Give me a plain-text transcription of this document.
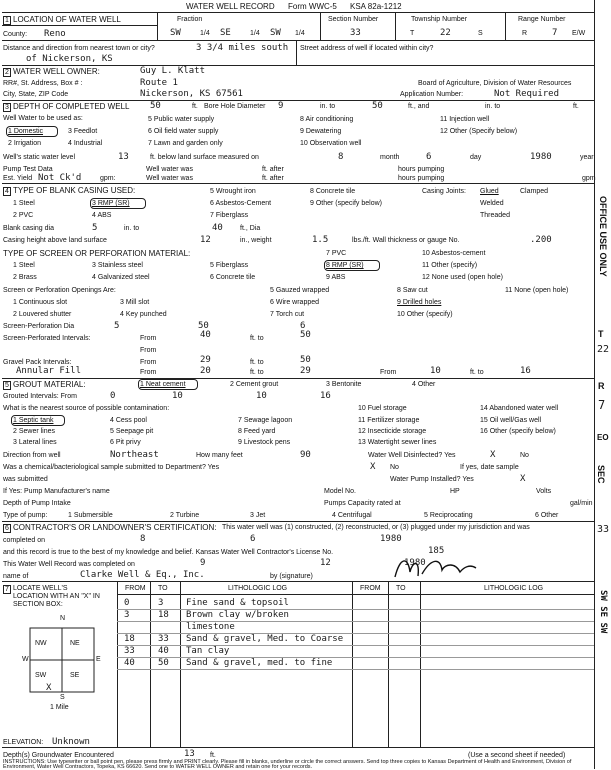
WATER WELL RECORD Form WWC-5 KSA 82a-1212
1 LOCATION OF WATER WELL
County: Reno
Fraction
SW	1/4 SE	1/4 SW 1/4
Section Number
33
Township Number
T	22	S
Range Number
R	7 E/W
Distance and direction from nearest town or city?	3 3/4 miles south
of Nickerson, KS
Street address of well if located within city?
2 WATER WELL OWNER:	Guy L. Klatt
RR#, St. Address, Box # :	Route 1
City, State, ZIP Code	Nickerson, KS 67561
Board of Agriculture, Division of Water Resources
Application Number:	Not Required
3 DEPTH OF COMPLETED WELL 50	ft. Bore Hole Diameter 9	in. to	50	ft., and	in. to	ft.
Well Water to be used as:
1 Domestic
2 Irrigation
3 Feedlot
4 Industrial
5 Public water supply
6 Oil field water supply
7 Lawn and garden only
8 Air conditioning
9 Dewatering
10 Observation well
11 Injection well
12 Other (Specify below)
Well's static water level	13	ft. below land surface measured on	8	month	6	day	1980	year
Pump Test Data
Est. Yield Not Ck'd	gpm:
Well water was
Well water was
ft. after
ft. after
hours pumping
hours pumping	gpm
4 TYPE OF BLANK CASING USED:
1 Steel
2 PVC
3 RMP (SR)
4 ABS
5 Wrought iron
6 Asbestos-Cement
7 Fiberglass
8 Concrete tile
9 Other (specify below)
Casing Joints: Glued	Clamped
Welded
Threaded
Blank casing dia	5	in. to	40 ft., Dia
Casing height above land surface	12	in., weight	1.5	lbs./ft. Wall thickness or gauge No.	.200
TYPE OF SCREEN OR PERFORATION MATERIAL:
1 Steel
2 Brass
3 Stainless steel
4 Galvanized steel
5 Fiberglass
6 Concrete tile
7 PVC
8 RMP (SR)
9 ABS
10 Asbestos-cement
11 Other (specify)
12 None used (open hole)
Screen or Perforation Openings Are:
1 Continuous slot
2 Louvered shutter
3 Mill slot
4 Key punched
5 Gauzed wrapped
6 Wire wrapped
7 Torch cut
8 Saw cut
9 Drilled holes
10 Other (specify)
11 None (open hole)
Screen-Perforation Dia	5	50	6
Screen-Perforated Intervals:	From	40	ft. to	50
From
Gravel Pack Intervals:	From	29	ft. to	50
Annular Fill	From	20	ft. to	29	From	10	ft. to	16
5 GROUT MATERIAL:	1 Neat cement	2 Cement grout	3 Bentonite	4 Other
Grouted Intervals: From	0	10	10	16
What is the nearest source of possible contamination:
1 Septic tank
2 Sewer lines
3 Lateral lines
4 Cess pool
5 Seepage pit
6 Pit privy
7 Sewage lagoon
8 Feed yard
9 Livestock pens
10 Fuel storage
11 Fertilizer storage
12 Insecticide storage
13 Watertight sewer lines
14 Abandoned water well
15 Oil well/Gas well
16 Other (specify below)
Direction from well	Northeast	How many feet	90	Water Well Disinfected? Yes	X	No
Was a chemical/bacteriological sample submitted to Department? Yes	No
X	If yes, date sample
was submitted	Water Pump Installed? Yes	X
If Yes: Pump Manufacturer's name	Model No.	HP	Volts
Depth of Pump Intake	Pumps Capacity rated at	gal/min
Type of pump:	1 Submersible	2 Turbine	3 Jet	4 Centrifugal	5 Reciprocating	6 Other
6 CONTRACTOR'S OR LANDOWNER'S CERTIFICATION: This water well was (1) constructed, (2) reconstructed, or (3) plugged under my jurisdiction and was
completed on	8	6	1980
and this record is true to the best of my knowledge and belief. Kansas Water Well Contractor's License No.	185
This Water Well Record was completed on	9	12	1980
name of	Clarke Well & Eq., Inc.	by (signature)
7 LOCATE WELL'S LOCATION WITH AN "X" IN SECTION BOX:
FROM TO	LITHOLOGIC LOG	FROM TO	LITHOLOGIC LOG
0	3	Fine sand & topsoil
3	18 Brown clay w/broken
limestone
18	33 Sand & gravel, Med. to Coarse
33	40 Tan clay
40	50 Sand & gravel, med. to fine
N
S
W	E
NW	NE
SW	SE
X
1 Mile
ELEVATION: Unknown
Depth(s) Groundwater Encountered	13 ft.	(Use a second sheet if needed)
INSTRUCTIONS: Use typewriter or ball point pen, please press firmly and PRINT clearly. Please fill in blanks, underline or circle the correct answers. Send top three copies to Kansas Department of Health and Environment, Division of Environment, Water Well Contractors, Topeka, KS 66620. Send one to WATER WELL OWNER and retain one for your records.
OFFICE USE ONLY
T
22
R
7
EO
SEC
33
SW SE SW
